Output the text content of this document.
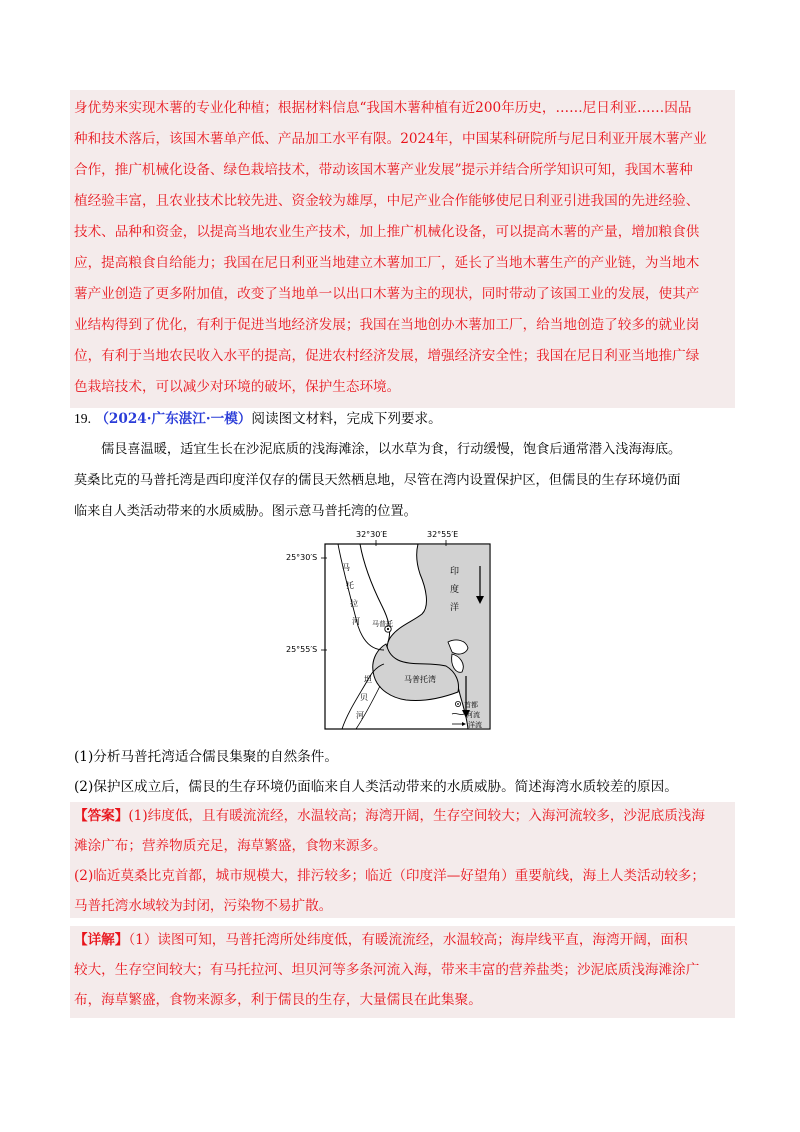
身优势来实现木薯的专业化种植；根据材料信息“我国木薯种植有近200年历史，……尼日利亚……因品
种和技术落后，该国木薯单产低、产品加工水平有限。2024年，中国某科研院所与尼日利亚开展木薯产业
合作，推广机械化设备、绿色栽培技术，带动该国木薯产业发展”提示并结合所学知识可知，我国木薯种
植经验丰富，且农业技术比较先进、资金较为雄厚，中尼产业合作能够使尼日利亚引进我国的先进经验、
技术、品种和资金，以提高当地农业生产技术，加上推广机械化设备，可以提高木薯的产量，增加粮食供
应，提高粮食自给能力；我国在尼日利亚当地建立木薯加工厂，延长了当地木薯生产的产业链，为当地木
薯产业创造了更多附加值，改变了当地单一以出口木薯为主的现状，同时带动了该国工业的发展，使其产
业结构得到了优化，有利于促进当地经济发展；我国在当地创办木薯加工厂，给当地创造了较多的就业岗
位，有利于当地农民收入水平的提高，促进农村经济发展，增强经济安全性；我国在尼日利亚当地推广绿
色栽培技术，可以减少对环境的破坏，保护生态环境。
19. （2024·广东湛江·一模）阅读图文材料，完成下列要求。
儒艮喜温暖，适宜生长在沙泥底质的浅海滩涂，以水草为食，行动缓慢，饱食后通常潜入浅海海底。
莫桑比克的马普托湾是西印度洋仅存的儒艮天然栖息地，尽管在湾内设置保护区，但儒艮的生存环境仍面
临来自人类活动带来的水质威胁。图示意马普托湾的位置。
32°30′E	32°55′E
25°30′S
25°55′S
印
度
洋
马
托
拉
河
坦
贝
河
马普托
马普托湾
首都
河流
洋流
(1)分析马普托湾适合儒艮集聚的自然条件。
(2)保护区成立后，儒艮的生存环境仍面临来自人类活动带来的水质威胁。简述海湾水质较差的原因。
【答案】(1)纬度低，且有暖流流经，水温较高；海湾开阔，生存空间较大；入海河流较多，沙泥底质浅海
滩涂广布；营养物质充足，海草繁盛，食物来源多。
(2)临近莫桑比克首都，城市规模大，排污较多；临近（印度洋—好望角）重要航线，海上人类活动较多；
马普托湾水域较为封闭，污染物不易扩散。
【详解】（1）读图可知，马普托湾所处纬度低，有暖流流经，水温较高；海岸线平直，海湾开阔，面积
较大，生存空间较大；有马托拉河、坦贝河等多条河流入海，带来丰富的营养盐类；沙泥底质浅海滩涂广
布，海草繁盛，食物来源多，利于儒艮的生存，大量儒艮在此集聚。
